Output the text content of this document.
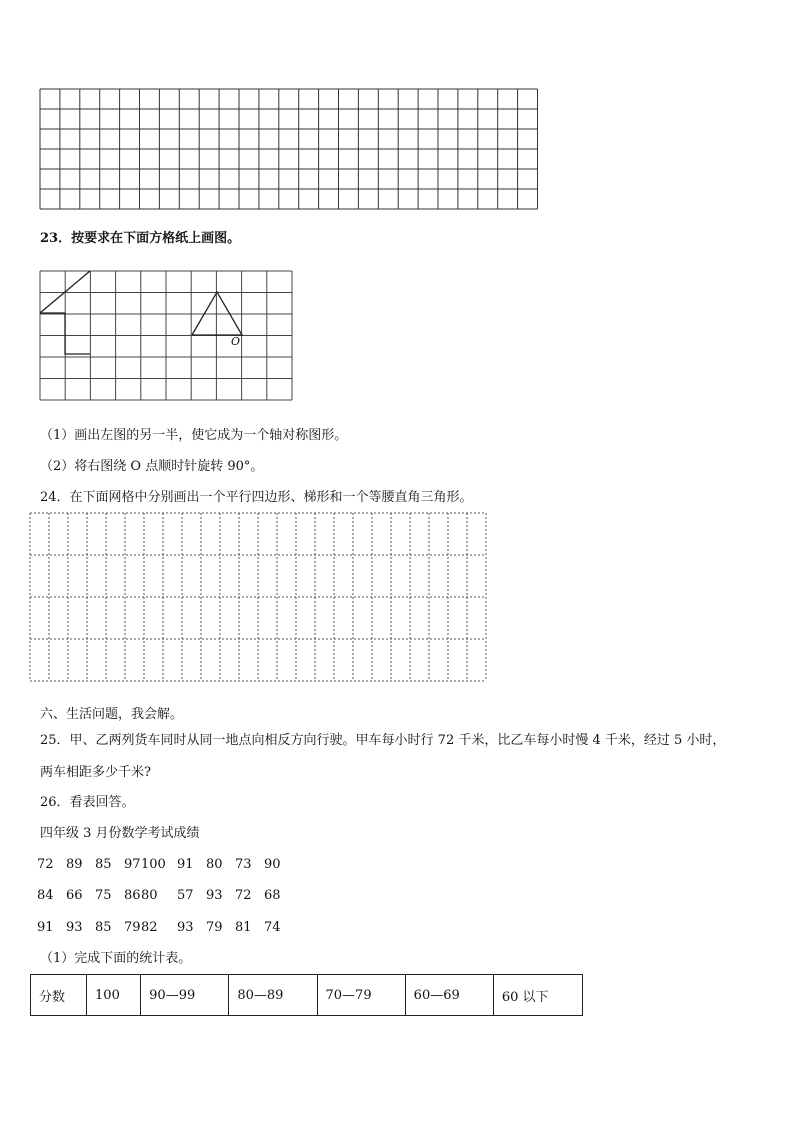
O
23．按要求在下面方格纸上画图。
（1）画出左图的另一半，使它成为一个轴对称图形。
（2）将右图绕 O 点顺时针旋转 90°。
24．在下面网格中分别画出一个平行四边形、梯形和一个等腰直角三角形。
六、生活问题，我会解。
25．甲、乙两列货车同时从同一地点向相反方向行驶。甲车每小时行 72 千米，比乙车每小时慢 4 千米，经过 5 小时，
两车相距多少千米?
26．看表回答。
四年级 3 月份数学考试成绩
72 89 85 97100 91 80 73 90
84 66 75 8680 57 93 72 68
91 93 85 7982 93 79 81 74
（1）完成下面的统计表。
分数	100	90—99	80—89	70—79	60—69	60 以下
